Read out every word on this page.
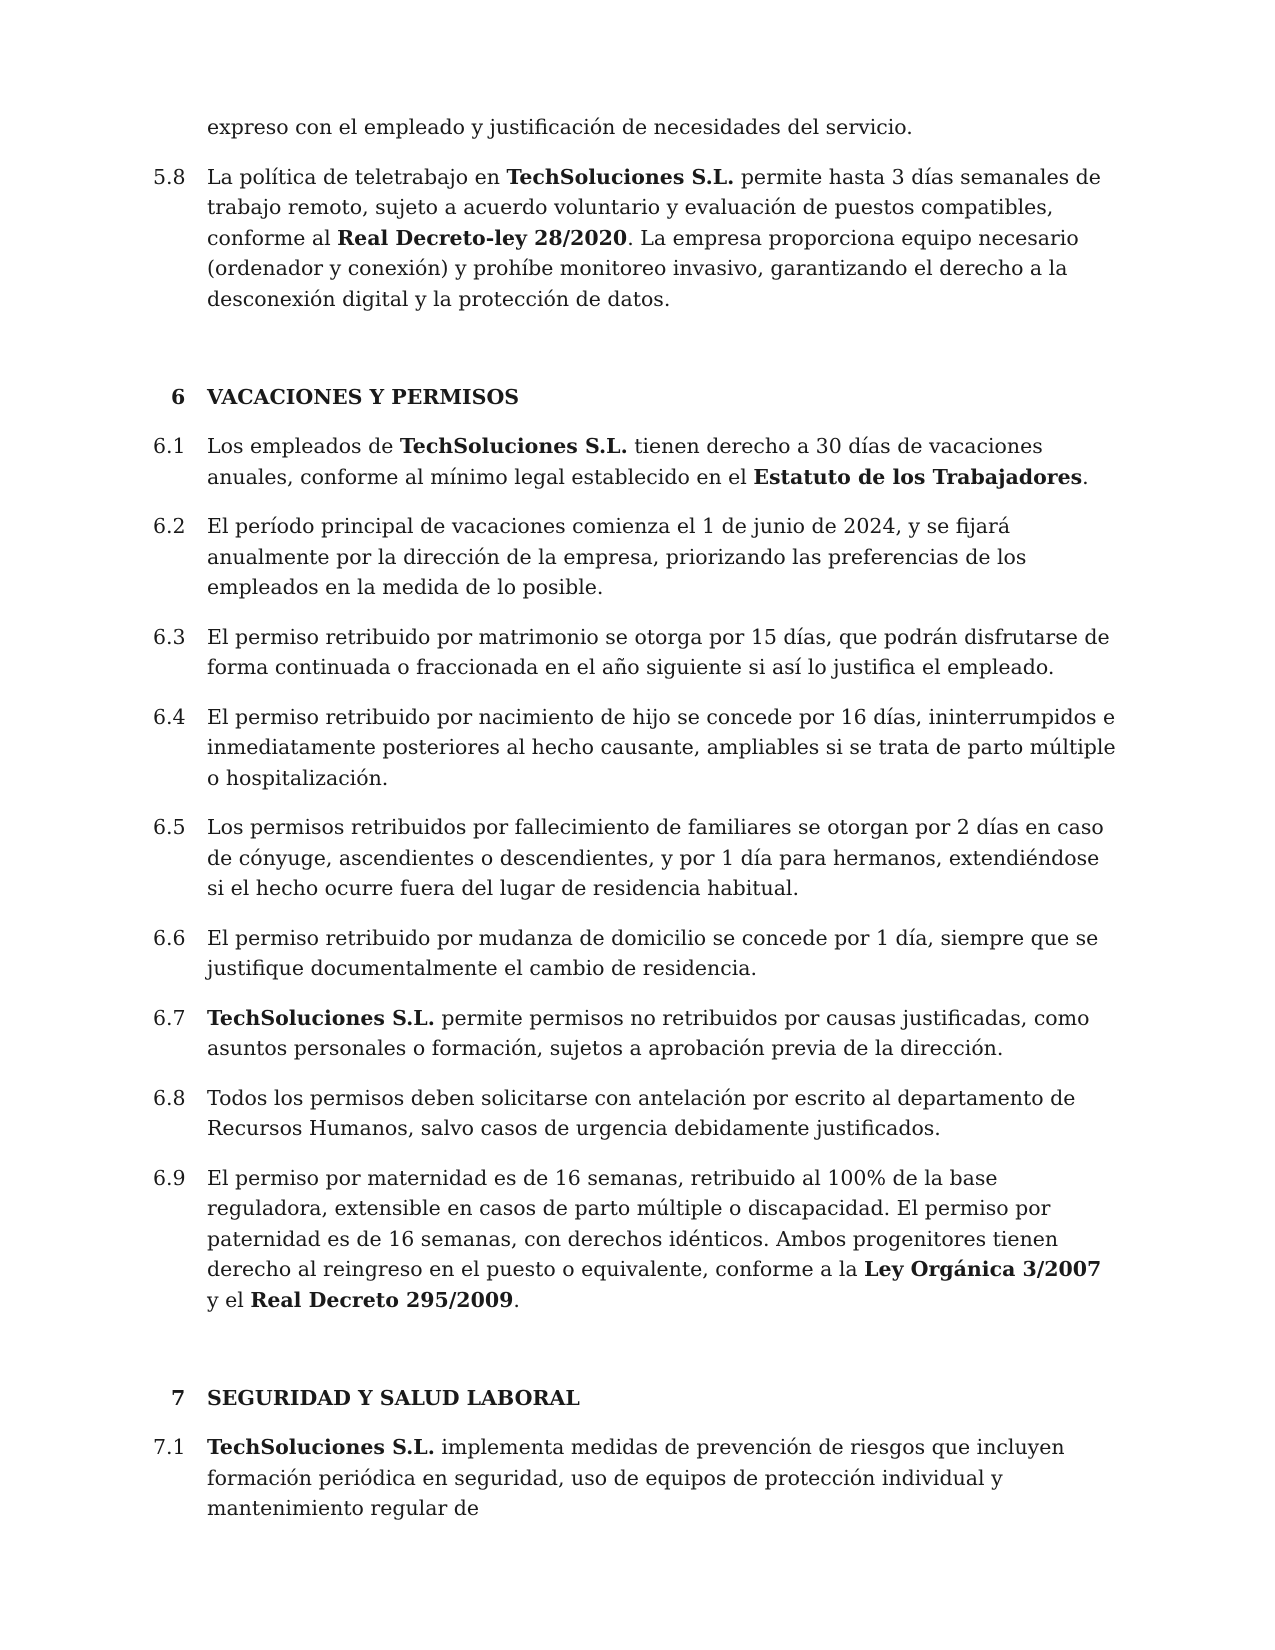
expreso con el empleado y justificación de necesidades del servicio.

5.8	La política de teletrabajo en TechSoluciones S.L. permite hasta 3 días semanales de trabajo remoto, sujeto a acuerdo voluntario y evaluación de puestos compatibles, conforme al Real Decreto-ley 28/2020. La empresa proporciona equipo necesario (ordenador y conexión) y prohíbe monitoreo invasivo, garantizando el derecho a la desconexión digital y la protección de datos.
6	VACACIONES Y PERMISOS
6.1	Los empleados de TechSoluciones S.L. tienen derecho a 30 días de vacaciones anuales, conforme al mínimo legal establecido en el Estatuto de los Trabajadores.
6.2	El período principal de vacaciones comienza el 1 de junio de 2024, y se fijará anualmente por la dirección de la empresa, priorizando las preferencias de los empleados en la medida de lo posible.
6.3	El permiso retribuido por matrimonio se otorga por 15 días, que podrán disfrutarse de forma continuada o fraccionada en el año siguiente si así lo justifica el empleado.
6.4	El permiso retribuido por nacimiento de hijo se concede por 16 días, ininterrumpidos e inmediatamente posteriores al hecho causante, ampliables si se trata de parto múltiple o hospitalización.
6.5	Los permisos retribuidos por fallecimiento de familiares se otorgan por 2 días en caso de cónyuge, ascendientes o descendientes, y por 1 día para hermanos, extendiéndose si el hecho ocurre fuera del lugar de residencia habitual.
6.6	El permiso retribuido por mudanza de domicilio se concede por 1 día, siempre que se justifique documentalmente el cambio de residencia.
6.7	TechSoluciones S.L. permite permisos no retribuidos por causas justificadas, como asuntos personales o formación, sujetos a aprobación previa de la dirección.
6.8	Todos los permisos deben solicitarse con antelación por escrito al departamento de Recursos Humanos, salvo casos de urgencia debidamente justificados.
6.9	El permiso por maternidad es de 16 semanas, retribuido al 100% de la base reguladora, extensible en casos de parto múltiple o discapacidad. El permiso por paternidad es de 16 semanas, con derechos idénticos. Ambos progenitores tienen derecho al reingreso en el puesto o equivalente, conforme a la Ley Orgánica 3/2007 y el Real Decreto 295/2009.
7	SEGURIDAD Y SALUD LABORAL
7.1	TechSoluciones S.L. implementa medidas de prevención de riesgos que incluyen formación periódica en seguridad, uso de equipos de protección individual y mantenimiento regular de
